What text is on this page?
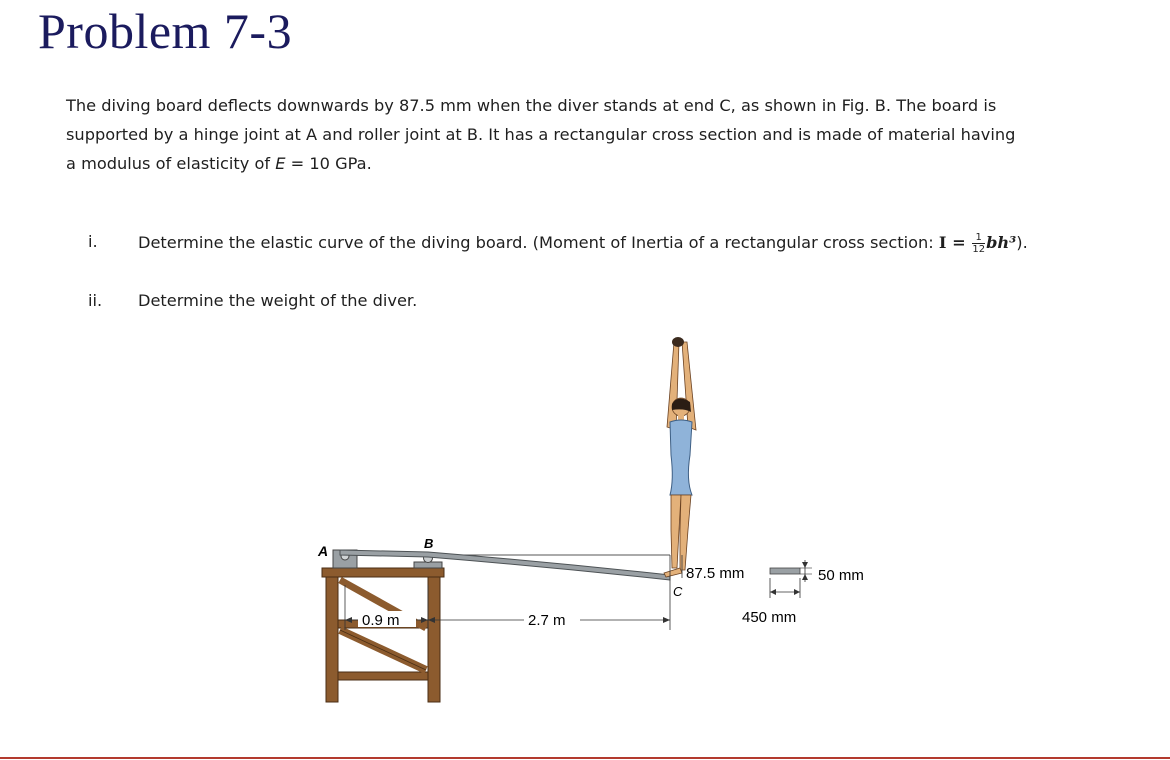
Problem 7-3
The diving board deflects downwards by 87.5 mm when the diver stands at end C, as shown in Fig. B. The board is
supported by a hinge joint at A and roller joint at B. It has a rectangular cross section and is made of material having
a modulus of elasticity of E = 10 GPa.
i. Determine the elastic curve of the diving board. (Moment of Inertia of a rectangular cross section: $I = \frac{1}{12} bh^3$).
ii. Determine the weight of the diver.
A	B
C
87.5 mm
0.9 m	2.7 m
50 mm
450 mm
